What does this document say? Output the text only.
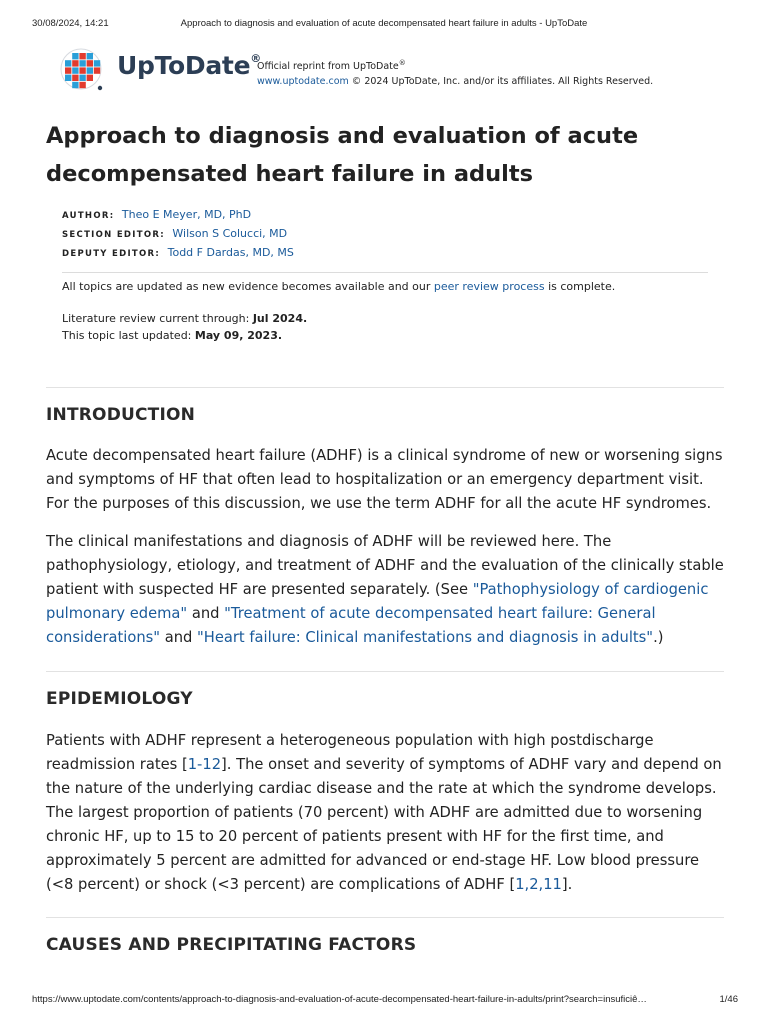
30/08/2024, 14:21	Approach to diagnosis and evaluation of acute decompensated heart failure in adults - UpToDate
UpToDate®
Official reprint from UpToDate®
www.uptodate.com © 2024 UpToDate, Inc. and/or its affiliates. All Rights Reserved.
Approach to diagnosis and evaluation of acute decompensated heart failure in adults
AUTHOR: Theo E Meyer, MD, PhD
SECTION EDITOR: Wilson S Colucci, MD
DEPUTY EDITOR: Todd F Dardas, MD, MS
All topics are updated as new evidence becomes available and our peer review process is complete.
Literature review current through: Jul 2024.
This topic last updated: May 09, 2023.
INTRODUCTION

Acute decompensated heart failure (ADHF) is a clinical syndrome of new or worsening signs and symptoms of HF that often lead to hospitalization or an emergency department visit. For the purposes of this discussion, we use the term ADHF for all the acute HF syndromes.

The clinical manifestations and diagnosis of ADHF will be reviewed here. The pathophysiology, etiology, and treatment of ADHF and the evaluation of the clinically stable patient with suspected HF are presented separately. (See "Pathophysiology of cardiogenic pulmonary edema" and "Treatment of acute decompensated heart failure: General considerations" and "Heart failure: Clinical manifestations and diagnosis in adults".)

EPIDEMIOLOGY

Patients with ADHF represent a heterogeneous population with high postdischarge readmission rates [1-12]. The onset and severity of symptoms of ADHF vary and depend on the nature of the underlying cardiac disease and the rate at which the syndrome develops. The largest proportion of patients (70 percent) with ADHF are admitted due to worsening chronic HF, up to 15 to 20 percent of patients present with HF for the first time, and approximately 5 percent are admitted for advanced or end-stage HF. Low blood pressure (<8 percent) or shock (<3 percent) are complications of ADHF [1,2,11].

CAUSES AND PRECIPITATING FACTORS
https://www.uptodate.com/contents/approach-to-diagnosis-and-evaluation-of-acute-decompensated-heart-failure-in-adults/print?search=insuficiê…	1/46
